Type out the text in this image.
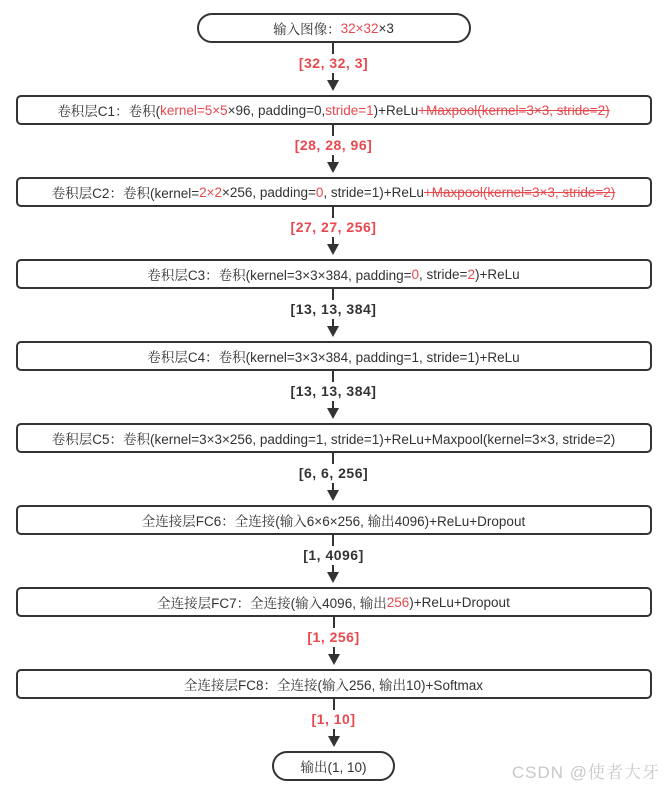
输入图像： 32×32 ×3
[32, 32, 3]
卷积层C1：卷积( kernel=5×5 ×96, padding=0, stride=1 )+ReLu +Maxpool(kernel=3×3, stride=2)
[28, 28, 96]
卷积层C2：卷积(kernel= 2×2 ×256, padding= 0 , stride=1)+ReLu +Maxpool(kernel=3×3, stride=2)
[27, 27, 256]
卷积层C3：卷积(kernel=3×3×384, padding= 0 , stride= 2 )+ReLu
[13, 13, 384]
卷积层C4：卷积(kernel=3×3×384, padding=1, stride=1)+ReLu
[13, 13, 384]
卷积层C5：卷积(kernel=3×3×256, padding=1, stride=1)+ReLu+Maxpool(kernel=3×3, stride=2)
[6, 6, 256]
全连接层FC6：全连接(输入6×6×256, 输出4096)+ReLu+Dropout
[1, 4096]
全连接层FC7：全连接(输入4096, 输出 256 )+ReLu+Dropout
[1, 256]
全连接层FC8：全连接(输入256, 输出10)+Softmax
[1, 10]
输出(1, 10)	CSDN @使者大牙
